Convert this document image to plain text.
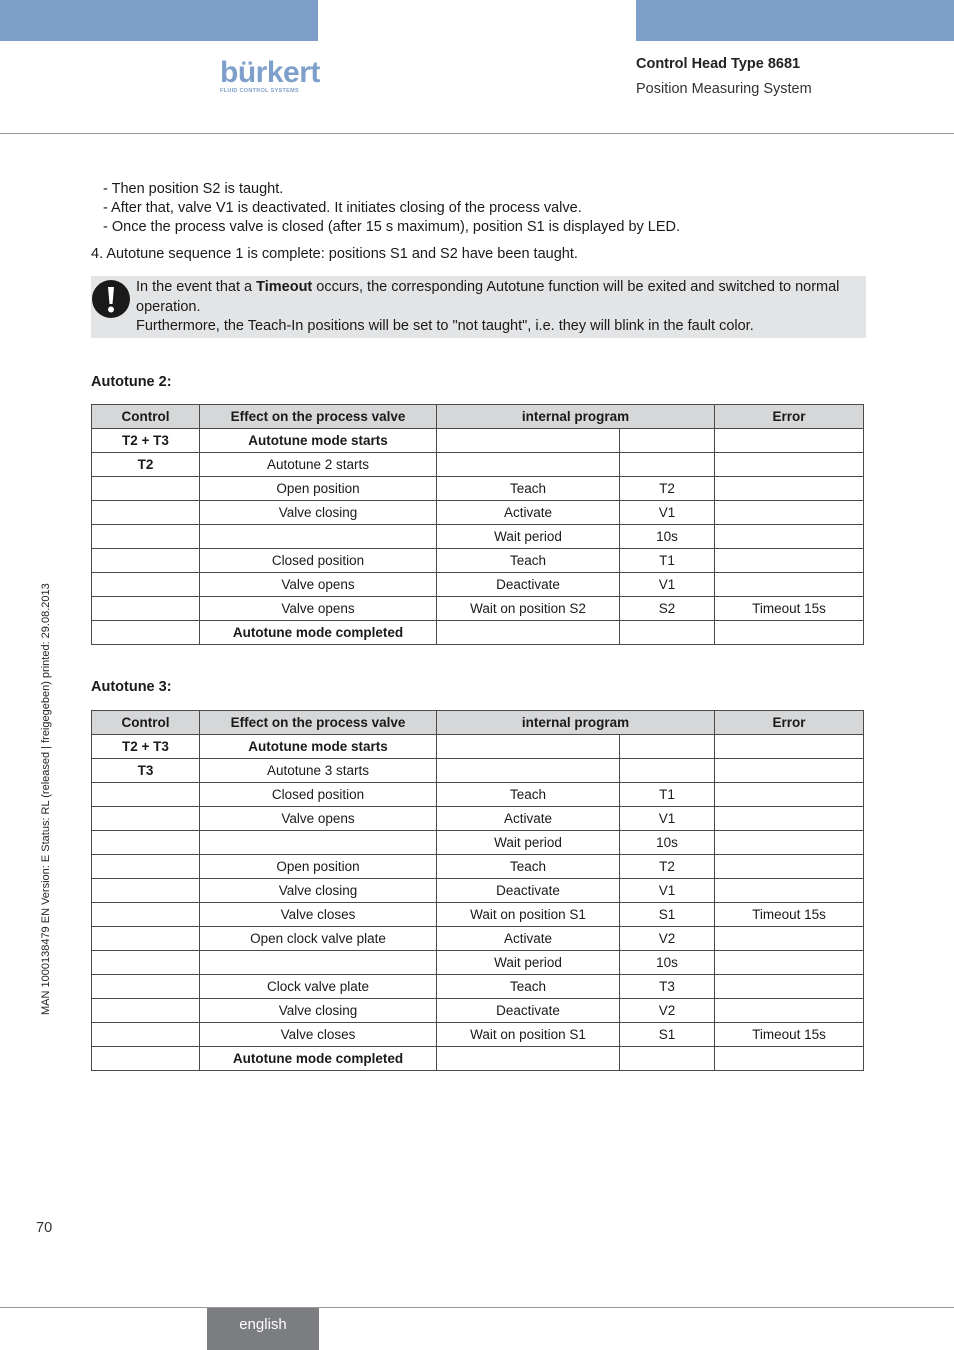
bürkert
FLUID CONTROL SYSTEMS
Control Head Type 8681
Position Measuring System
MAN 1000138479 EN Version: E Status: RL (released | freigegeben) printed: 29.08.2013
- Then position S2 is taught.
- After that, valve V1 is deactivated. It initiates closing of the process valve.
- Once the process valve is closed (after 15 s maximum), position S1 is displayed by LED.
4. Autotune sequence 1 is complete: positions S1 and S2 have been taught.
In the event that a Timeout occurs, the corresponding Autotune function will be exited and switched to normal operation.
Furthermore, the Teach-In positions will be set to "not taught", i.e. they will blink in the fault color.
Autotune 2:
Control	Effect on the process valve	internal program		Error
T2 + T3	Autotune mode starts			
T2	Autotune 2 starts			
	Open position	Teach	T2	
	Valve closing	Activate	V1	
		Wait period	10s	
	Closed position	Teach	T1	
	Valve opens	Deactivate	V1	
	Valve opens	Wait on position S2	S2	Timeout 15s
	Autotune mode completed			
Autotune 3:
Control	Effect on the process valve	internal program		Error
T2 + T3	Autotune mode starts			
T3	Autotune 3 starts			
	Closed position	Teach	T1	
	Valve opens	Activate	V1	
		Wait period	10s	
	Open position	Teach	T2	
	Valve closing	Deactivate	V1	
	Valve closes	Wait on position S1	S1	Timeout 15s
	Open clock valve plate	Activate	V2	
		Wait period	10s	
	Clock valve plate	Teach	T3	
	Valve closing	Deactivate	V2	
	Valve closes	Wait on position S1	S1	Timeout 15s
	Autotune mode completed			
70
english
